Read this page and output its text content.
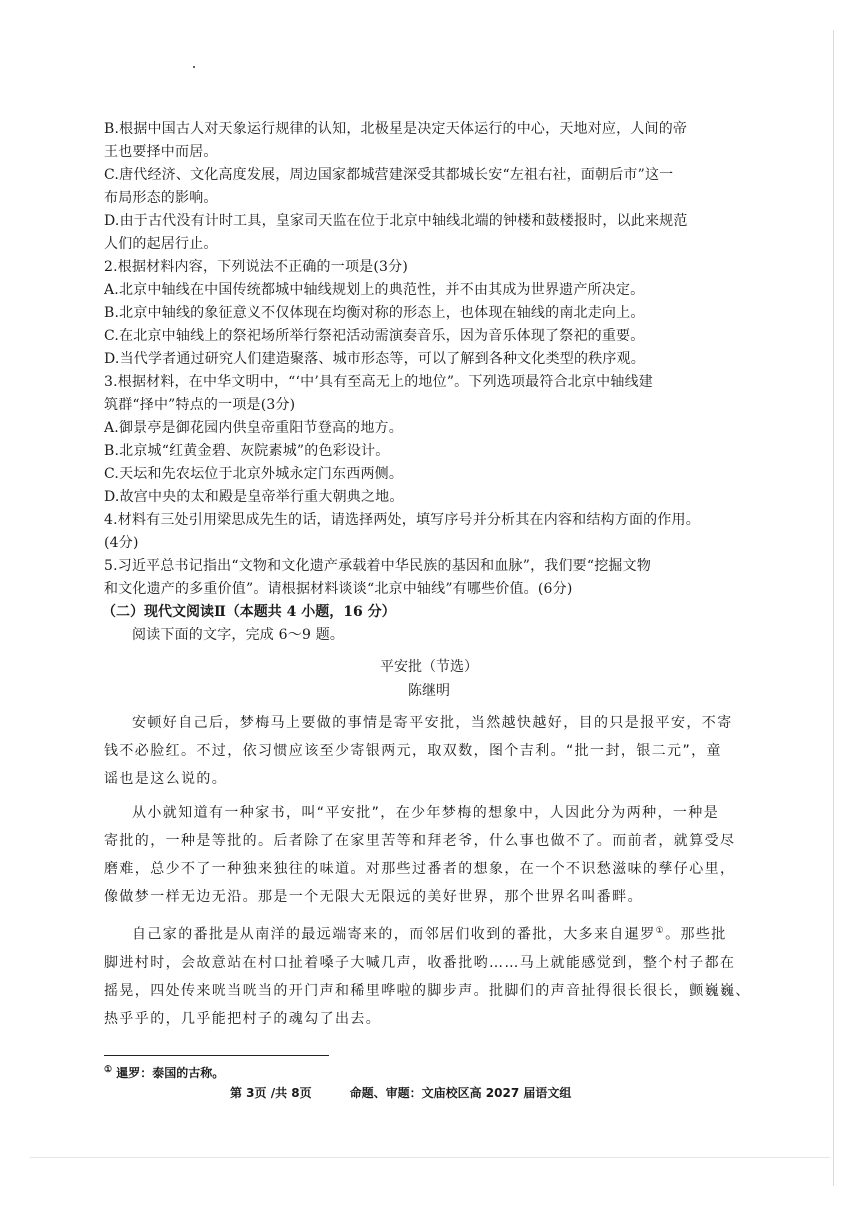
B.根据中国古人对天象运行规律的认知，北极星是决定天体运行的中心，天地对应，人间的帝
王也要择中而居。
C.唐代经济、文化高度发展，周边国家都城营建深受其都城长安“左祖右社，面朝后市”这一
布局形态的影响。
D.由于古代没有计时工具，皇家司天监在位于北京中轴线北端的钟楼和鼓楼报时，以此来规范
人们的起居行止。
2.根据材料内容，下列说法不正确的一项是(3分)
A.北京中轴线在中国传统都城中轴线规划上的典范性，并不由其成为世界遗产所决定。
B.北京中轴线的象征意义不仅体现在均衡对称的形态上，也体现在轴线的南北走向上。
C.在北京中轴线上的祭祀场所举行祭祀活动需演奏音乐，因为音乐体现了祭祀的重要。
D.当代学者通过研究人们建造聚落、城市形态等，可以了解到各种文化类型的秩序观。
3.根据材料，在中华文明中，“‘中’具有至高无上的地位”。下列选项最符合北京中轴线建
筑群“择中”特点的一项是(3分)
A.御景亭是御花园内供皇帝重阳节登高的地方。
B.北京城“红黄金碧、灰院素城”的色彩设计。
C.天坛和先农坛位于北京外城永定门东西两侧。
D.故宫中央的太和殿是皇帝举行重大朝典之地。
4.材料有三处引用梁思成先生的话，请选择两处，填写序号并分析其在内容和结构方面的作用。
(4分)
5.习近平总书记指出“文物和文化遗产承载着中华民族的基因和血脉”，我们要“挖掘文物
和文化遗产的多重价值”。请根据材料谈谈“北京中轴线”有哪些价值。(6分)
（二）现代文阅读Ⅱ（本题共 4 小题，16 分）
阅读下面的文字，完成 6～9 题。
平安批（节选）
陈继明
安顿好自己后，梦梅马上要做的事情是寄平安批，当然越快越好，目的只是报平安，不寄
钱不必脸红。不过，依习惯应该至少寄银两元，取双数，图个吉利。“批一封，银二元”，童
谣也是这么说的。
从小就知道有一种家书，叫“平安批”，在少年梦梅的想象中，人因此分为两种，一种是
寄批的，一种是等批的。后者除了在家里苦等和拜老爷，什么事也做不了。而前者，就算受尽
磨难，总少不了一种独来独往的味道。对那些过番者的想象，在一个不识愁滋味的孳仔心里，
像做梦一样无边无沿。那是一个无限大无限远的美好世界，那个世界名叫番畔。
自己家的番批是从南洋的最远端寄来的，而邻居们收到的番批，大多来自暹罗①。那些批
脚进村时，会故意站在村口扯着嗓子大喊几声，收番批哟……马上就能感觉到，整个村子都在
摇晃，四处传来咣当咣当的开门声和稀里哗啦的脚步声。批脚们的声音扯得很长很长，颤巍巍、
热乎乎的，几乎能把村子的魂勾了出去。
① 暹罗：泰国的古称。
第 3页 /共 8页	命题、审题：文庙校区高 2027 届语文组
